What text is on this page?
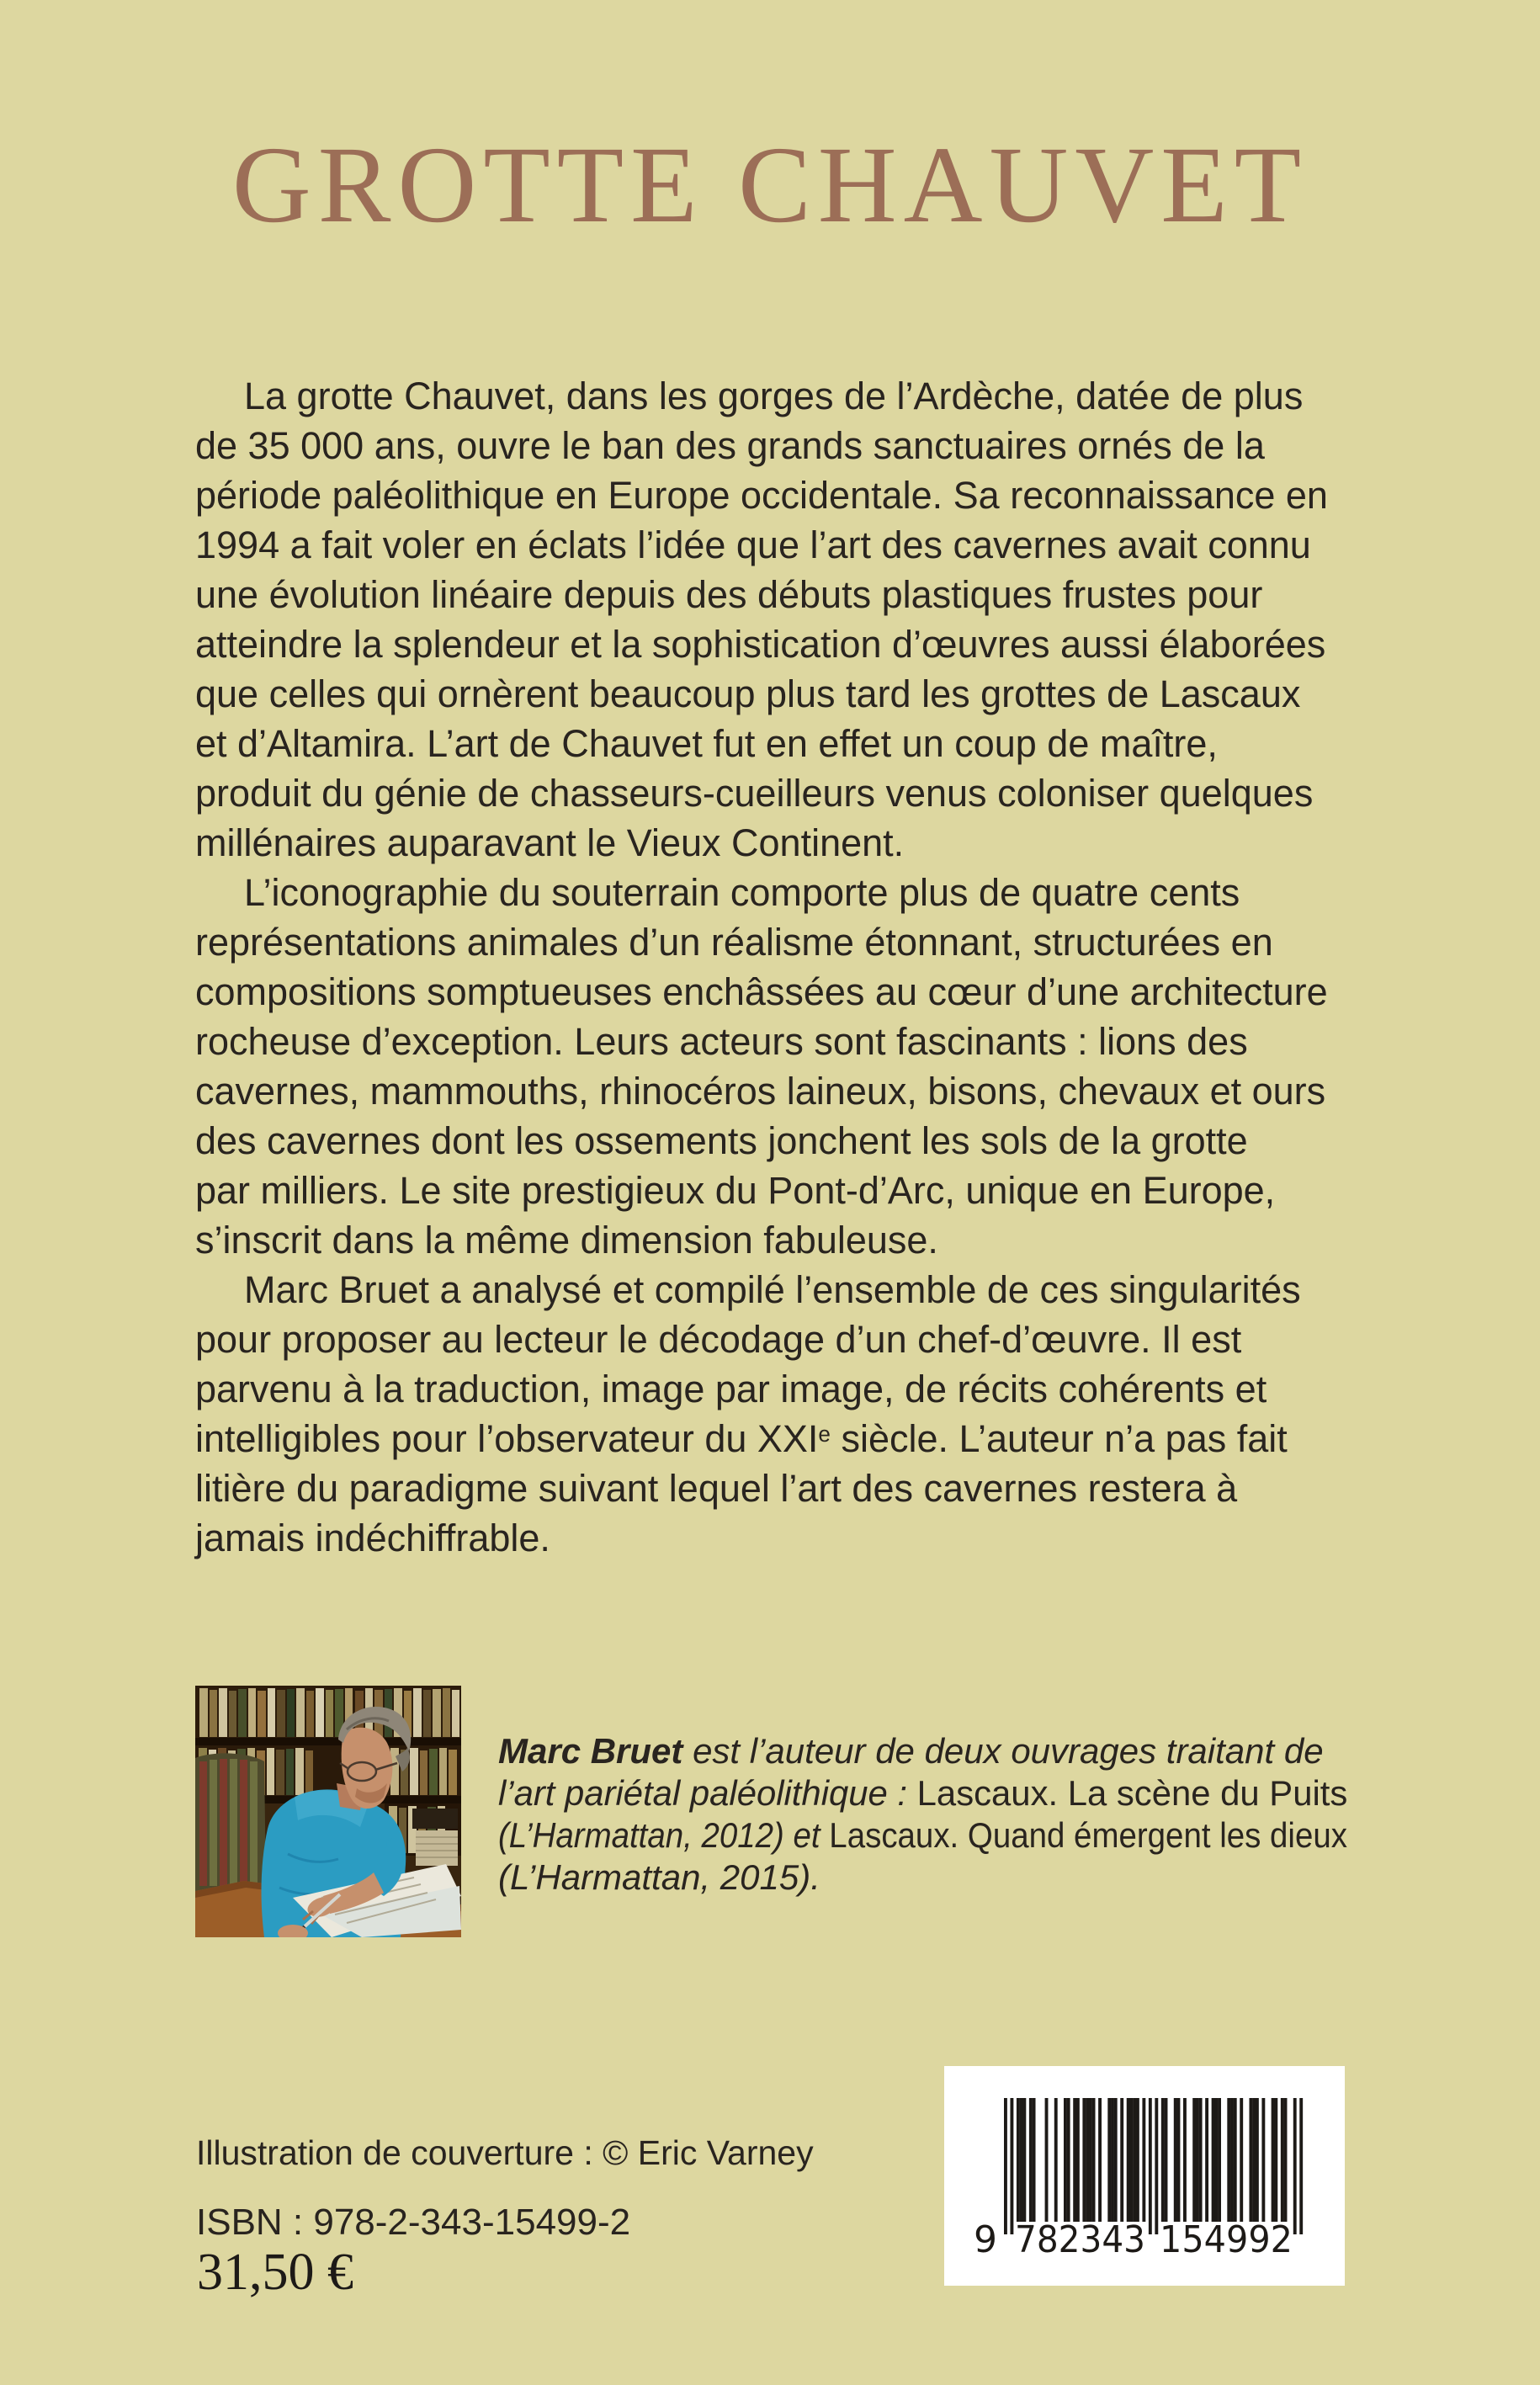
GROTTE CHAUVET
La grotte Chauvet, dans les gorges de l’Ardèche, datée de plus
de 35 000 ans, ouvre le ban des grands sanctuaires ornés de la
période paléolithique en Europe occidentale. Sa reconnaissance en
1994 a fait voler en éclats l’idée que l’art des cavernes avait connu
une évolution linéaire depuis des débuts plastiques frustes pour
atteindre la splendeur et la sophistication d’œuvres aussi élaborées
que celles qui ornèrent beaucoup plus tard les grottes de Lascaux
et d’Altamira. L’art de Chauvet fut en effet un coup de maître,
produit du génie de chasseurs-cueilleurs venus coloniser quelques
millénaires auparavant le Vieux Continent.
L’iconographie du souterrain comporte plus de quatre cents
représentations animales d’un réalisme étonnant, structurées en
compositions somptueuses enchâssées au cœur d’une architecture
rocheuse d’exception. Leurs acteurs sont fascinants : lions des
cavernes, mammouths, rhinocéros laineux, bisons, chevaux et ours
des cavernes dont les ossements jonchent les sols de la grotte
par milliers. Le site prestigieux du Pont-d’Arc, unique en Europe,
s’inscrit dans la même dimension fabuleuse.
Marc Bruet a analysé et compilé l’ensemble de ces singularités
pour proposer au lecteur le décodage d’un chef-d’œuvre. Il est
parvenu à la traduction, image par image, de récits cohérents et
intelligibles pour l’observateur du XXIe siècle. L’auteur n’a pas fait
litière du paradigme suivant lequel l’art des cavernes restera à
jamais indéchiffrable.
Marc Bruet est l’auteur de deux ouvrages traitant de
l’art pariétal paléolithique : Lascaux. La scène du Puits
(L’Harmattan, 2012) et Lascaux. Quand émergent les dieux
(L’Harmattan, 2015).
Illustration de couverture : © Eric Varney
ISBN : 978-2-343-15499-2
31,50 €
9 782343 154992
